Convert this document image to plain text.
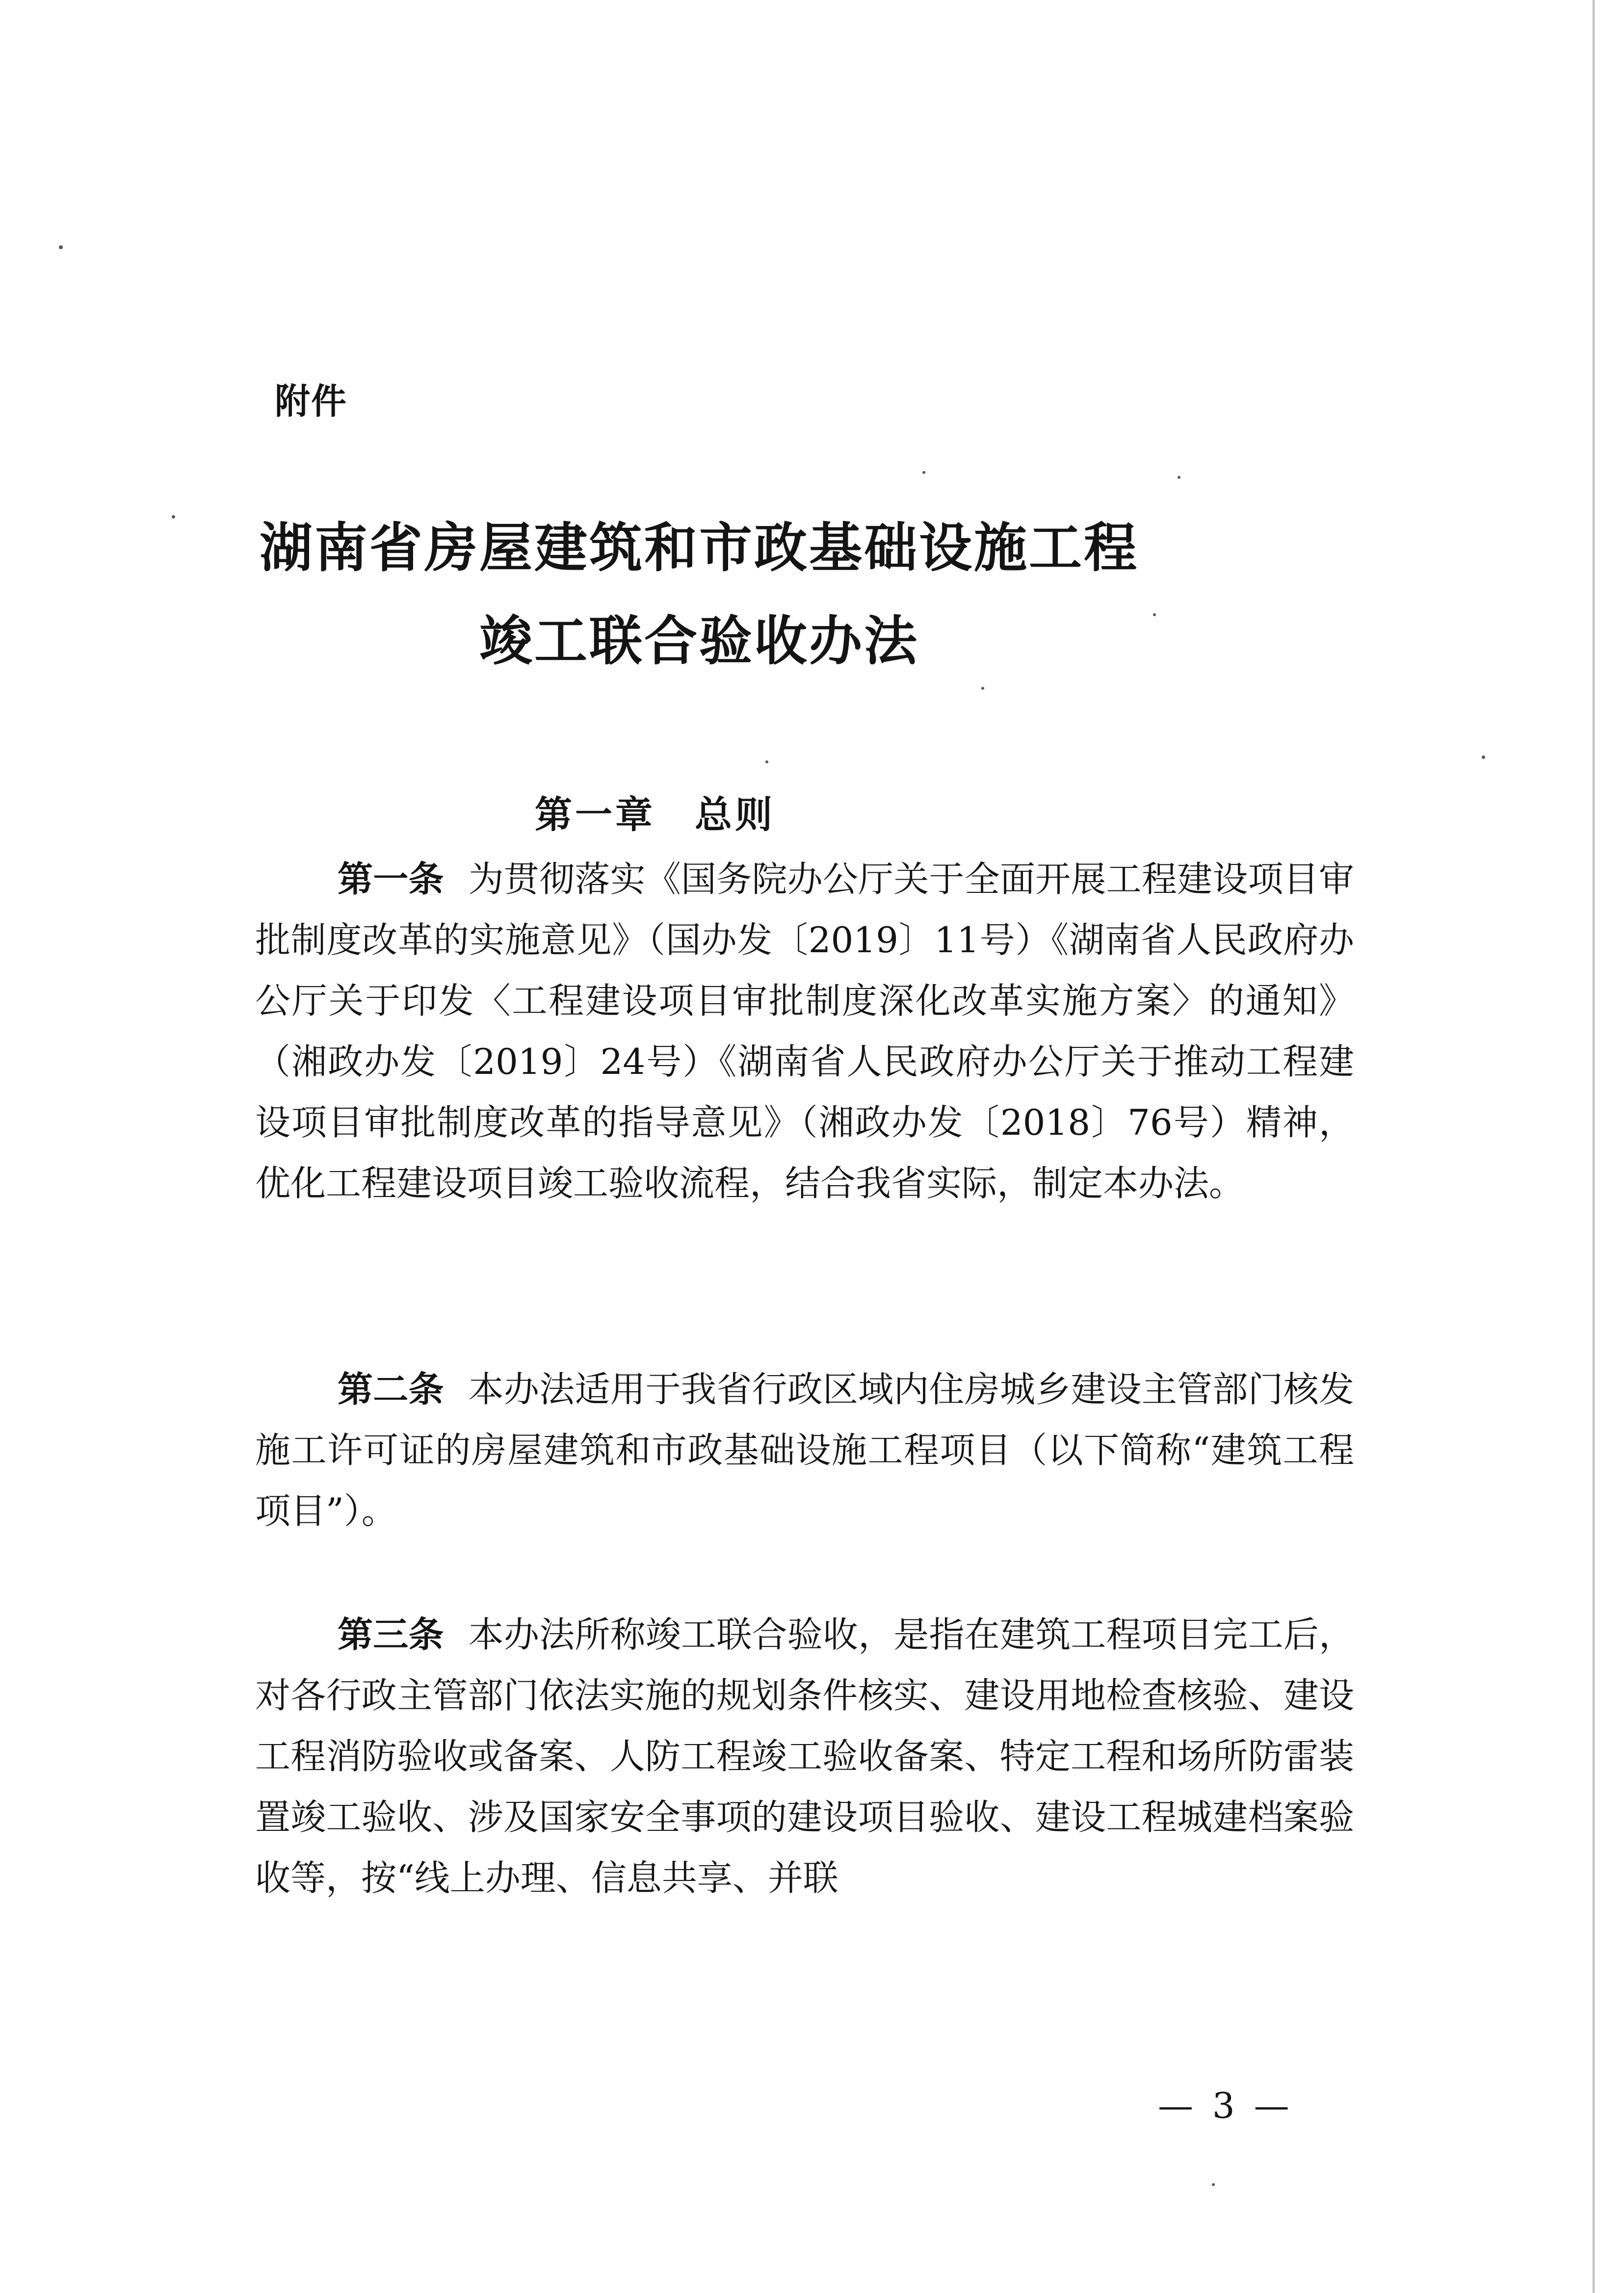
附件
湖南省房屋建筑和市政基础设施工程
竣工联合验收办法
第一章 总则

第一条 为贯彻落实《国务院办公厅关于全面开展工程建设项目审批制度改革的实施意见》（国办发〔2019〕11号）《湖南省人民政府办公厅关于印发〈工程建设项目审批制度深化改革实施方案〉的通知》（湘政办发〔2019〕24号）《湖南省人民政府办公厅关于推动工程建设项目审批制度改革的指导意见》（湘政办发〔2018〕76号）精神，优化工程建设项目竣工验收流程，结合我省实际，制定本办法。

第二条 本办法适用于我省行政区域内住房城乡建设主管部门核发施工许可证的房屋建筑和市政基础设施工程项目（以下简称“建筑工程项目”）。

第三条 本办法所称竣工联合验收，是指在建筑工程项目完工后，对各行政主管部门依法实施的规划条件核实、建设用地检查核验、建设工程消防验收或备案、人防工程竣工验收备案、特定工程和场所防雷装置竣工验收、涉及国家安全事项的建设项目验收、建设工程城建档案验收等，按“线上办理、信息共享、并联

— 3 —
